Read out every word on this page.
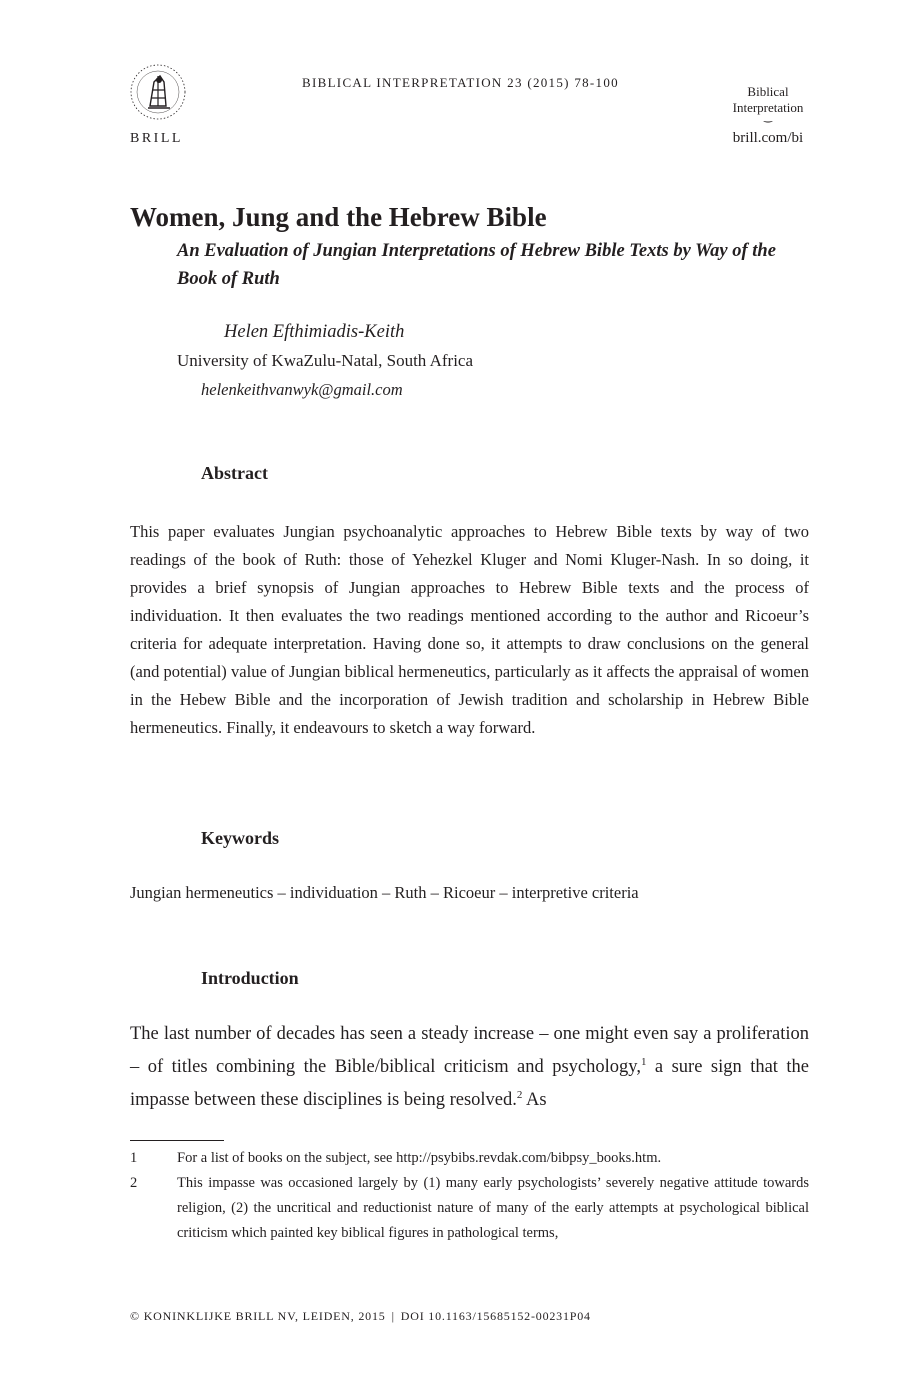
BRILL
BIBLICAL INTERPRETATION 23 (2015) 78-100
Biblical
Interpretation
‿
brill.com/bi
Women, Jung and the Hebrew Bible
An Evaluation of Jungian Interpretations of Hebrew Bible Texts by Way of the Book of Ruth
Helen Efthimiadis-Keith
University of KwaZulu-Natal, South Africa
helenkeithvanwyk@gmail.com
Abstract
This paper evaluates Jungian psychoanalytic approaches to Hebrew Bible texts by way of two readings of the book of Ruth: those of Yehezkel Kluger and Nomi Kluger-Nash. In so doing, it provides a brief synopsis of Jungian approaches to Hebrew Bible texts and the process of individuation. It then evaluates the two readings mentioned according to the author and Ricoeur’s criteria for adequate interpretation. Having done so, it attempts to draw conclusions on the general (and potential) value of Jungian biblical hermeneutics, particularly as it affects the appraisal of women in the Hebew Bible and the incorporation of Jewish tradition and scholarship in Hebrew Bible hermeneutics. Finally, it endeavours to sketch a way forward.
Keywords
Jungian hermeneutics – individuation – Ruth – Ricoeur – interpretive criteria
Introduction
The last number of decades has seen a steady increase – one might even say a proliferation – of titles combining the Bible/biblical criticism and psychology,$^1$ a sure sign that the impasse between these disciplines is being resolved.$^2$ As
1	For a list of books on the subject, see http://psybibs.revdak.com/bibpsy_books.htm.
2	This impasse was occasioned largely by (1) many early psychologists’ severely negative attitude towards religion, (2) the uncritical and reductionist nature of many of the early attempts at psychological biblical criticism which painted key biblical figures in pathological terms,
© KONINKLIJKE BRILL NV, LEIDEN, 2015 | DOI 10.1163/15685152-00231P04
